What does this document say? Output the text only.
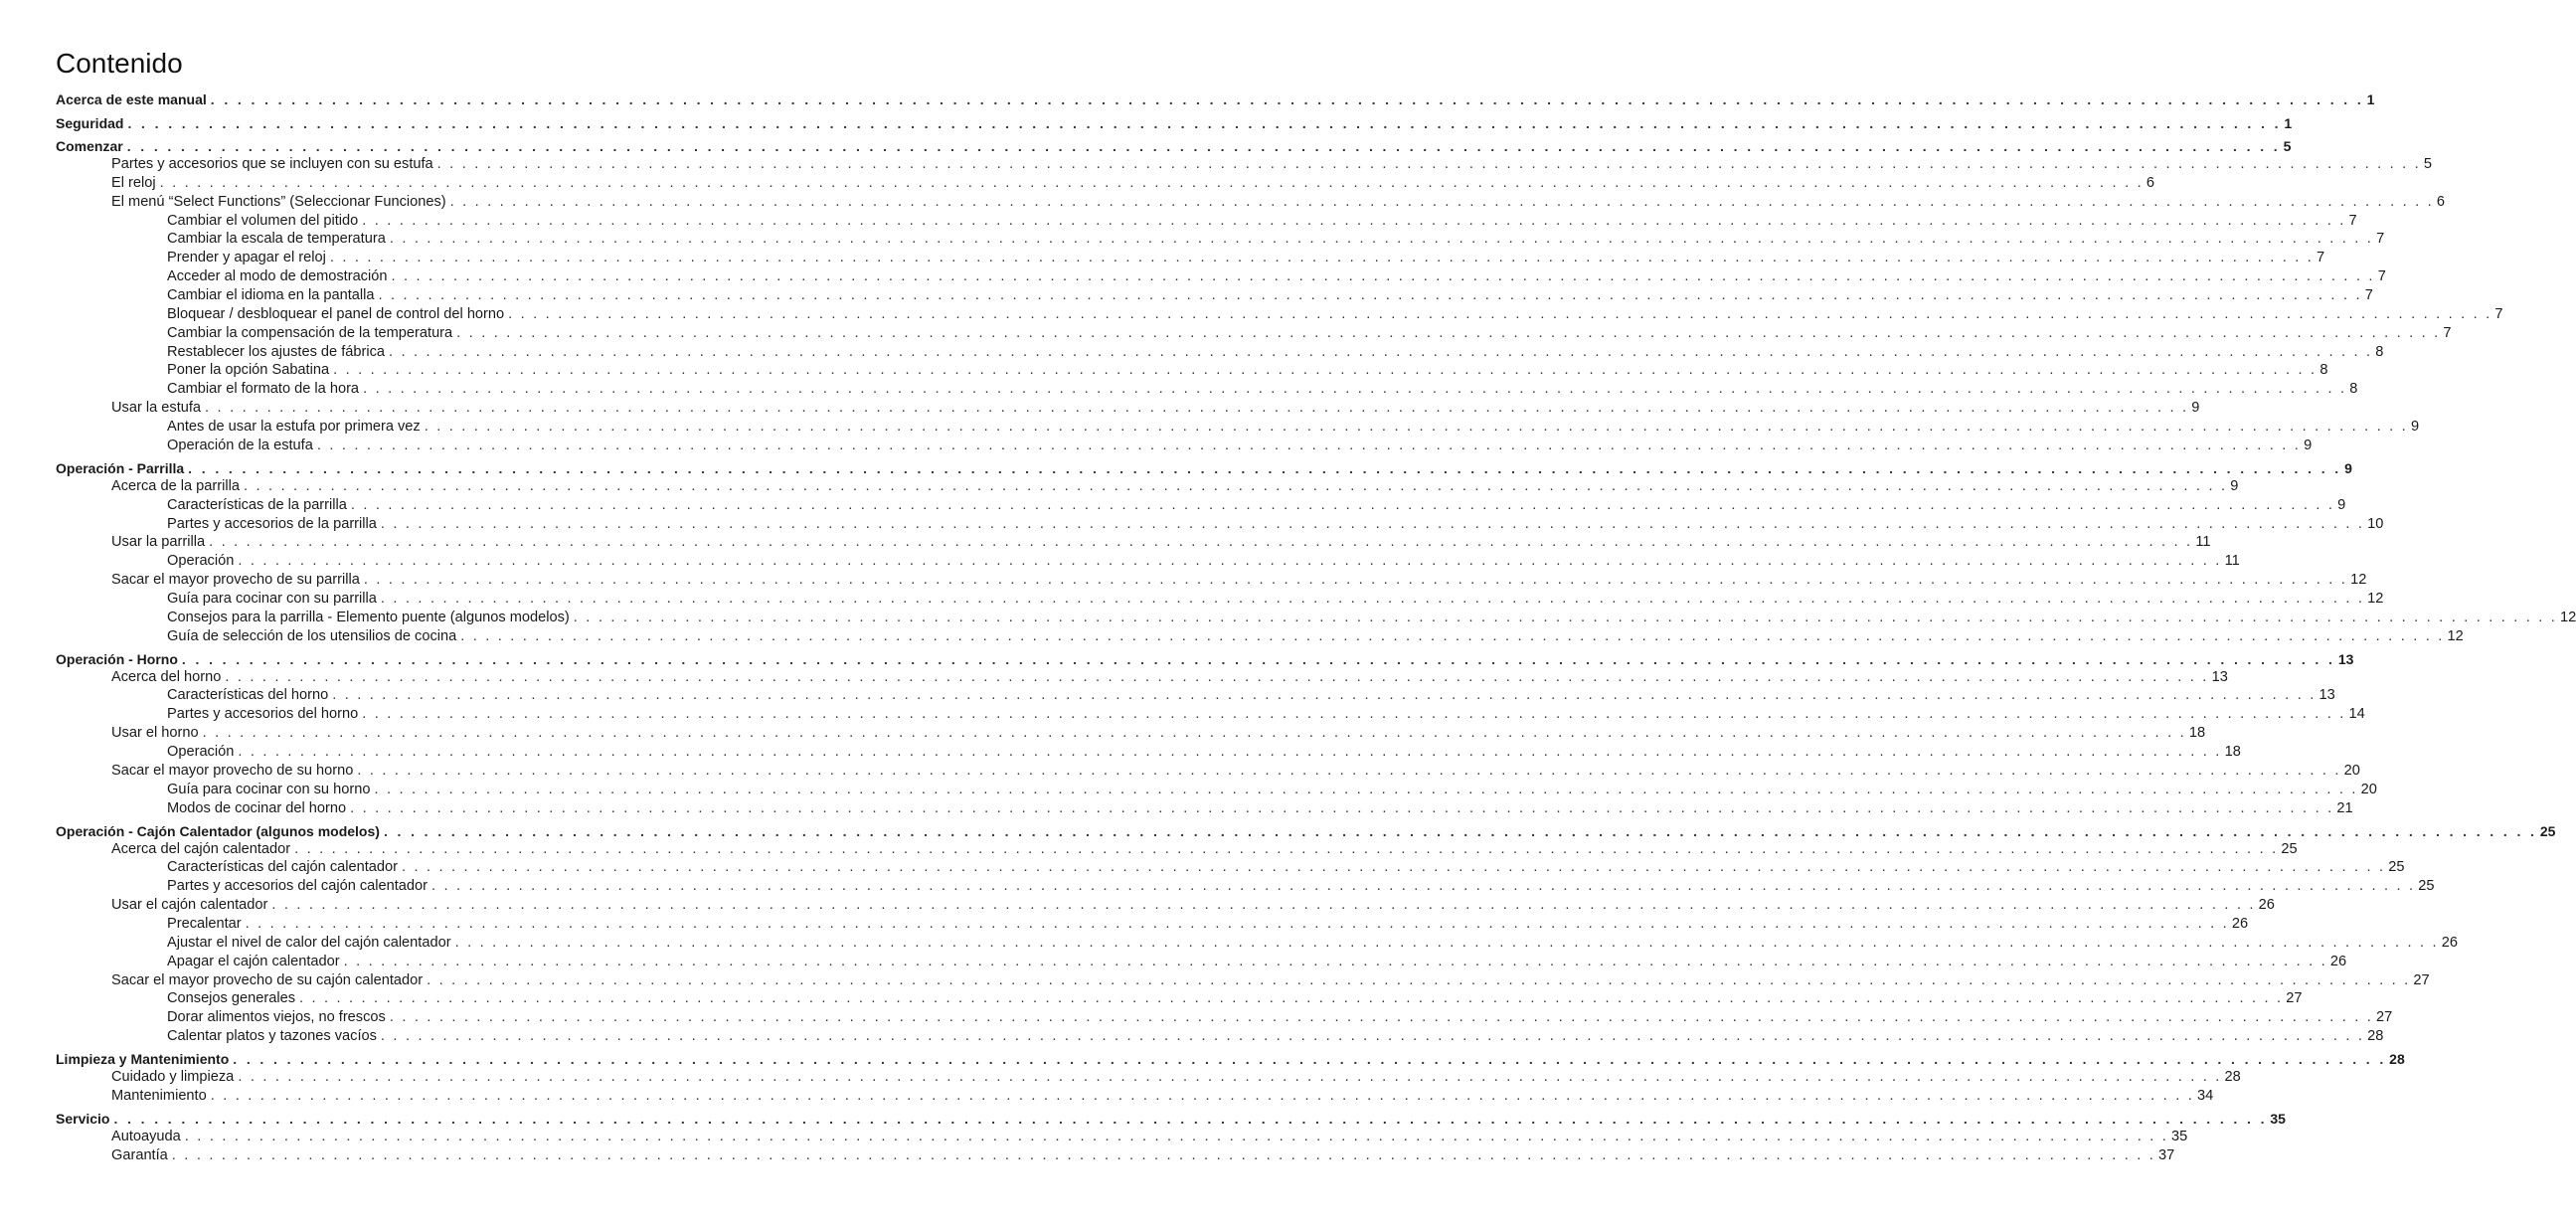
Contenido
Acerca de este manual . . . . . . . . . . . . . . . . . . . . . . . . . . . . . . . . . . . . . . . . . . . . . . . . . . . . . . . . . . . . . . . . . . . . . . . . . . . . . . . . . . . . . . . . . . . . . . . . . . . . . . . . . . . . . . . . . . . . . . . . . . . . . . . . . . . . . . . . . . . . . . . . . . . . . . . . . . . . . . . . 1
Seguridad . . . . . . . . . . . . . . . . . . . . . . . . . . . . . . . . . . . . . . . . . . . . . . . . . . . . . . . . . . . . . . . . . . . . . . . . . . . . . . . . . . . . . . . . . . . . . . . . . . . . . . . . . . . . . . . . . . . . . . . . . . . . . . . . . . . . . . . . . . . . . . . . . . . . . . . . . . . . . . . . 1
Comenzar . . . . . . . . . . . . . . . . . . . . . . . . . . . . . . . . . . . . . . . . . . . . . . . . . . . . . . . . . . . . . . . . . . . . . . . . . . . . . . . . . . . . . . . . . . . . . . . . . . . . . . . . . . . . . . . . . . . . . . . . . . . . . . . . . . . . . . . . . . . . . . . . . . . . . . . . . . . . . . . . 5
Partes y accesorios que se incluyen con su estufa . . . . . . . . . . . . . . . . . . . . . . . . . . . . . . . . . . . . . . . . . . . . . . . . . . . . . . . . . . . . . . . . . . . . . . . . . . . . . . . . . . . . . . . . . . . . . . . . . . . . . . . . . . . . . . . . . . . . . . . . . . . . . . . . . . . . . . . . . . . . . . . . . . . . . . . . . . . . . . . . 5
El reloj . . . . . . . . . . . . . . . . . . . . . . . . . . . . . . . . . . . . . . . . . . . . . . . . . . . . . . . . . . . . . . . . . . . . . . . . . . . . . . . . . . . . . . . . . . . . . . . . . . . . . . . . . . . . . . . . . . . . . . . . . . . . . . . . . . . . . . . . . . . . . . . . . . . . . . . . . . . . . . . . 6
El menú “Select Functions” (Seleccionar Funciones) . . . . . . . . . . . . . . . . . . . . . . . . . . . . . . . . . . . . . . . . . . . . . . . . . . . . . . . . . . . . . . . . . . . . . . . . . . . . . . . . . . . . . . . . . . . . . . . . . . . . . . . . . . . . . . . . . . . . . . . . . . . . . . . . . . . . . . . . . . . . . . . . . . . . . . . . . . . . . . . . 6
Cambiar el volumen del pitido . . . . . . . . . . . . . . . . . . . . . . . . . . . . . . . . . . . . . . . . . . . . . . . . . . . . . . . . . . . . . . . . . . . . . . . . . . . . . . . . . . . . . . . . . . . . . . . . . . . . . . . . . . . . . . . . . . . . . . . . . . . . . . . . . . . . . . . . . . . . . . . . . . . . . . . . . . . . . . . . 7
Cambiar la escala de temperatura . . . . . . . . . . . . . . . . . . . . . . . . . . . . . . . . . . . . . . . . . . . . . . . . . . . . . . . . . . . . . . . . . . . . . . . . . . . . . . . . . . . . . . . . . . . . . . . . . . . . . . . . . . . . . . . . . . . . . . . . . . . . . . . . . . . . . . . . . . . . . . . . . . . . . . . . . . . . . . . . 7
Prender y apagar el reloj . . . . . . . . . . . . . . . . . . . . . . . . . . . . . . . . . . . . . . . . . . . . . . . . . . . . . . . . . . . . . . . . . . . . . . . . . . . . . . . . . . . . . . . . . . . . . . . . . . . . . . . . . . . . . . . . . . . . . . . . . . . . . . . . . . . . . . . . . . . . . . . . . . . . . . . . . . . . . . . . 7
Acceder al modo de demostración . . . . . . . . . . . . . . . . . . . . . . . . . . . . . . . . . . . . . . . . . . . . . . . . . . . . . . . . . . . . . . . . . . . . . . . . . . . . . . . . . . . . . . . . . . . . . . . . . . . . . . . . . . . . . . . . . . . . . . . . . . . . . . . . . . . . . . . . . . . . . . . . . . . . . . . . . . . . . . . . 7
Cambiar el idioma en la pantalla . . . . . . . . . . . . . . . . . . . . . . . . . . . . . . . . . . . . . . . . . . . . . . . . . . . . . . . . . . . . . . . . . . . . . . . . . . . . . . . . . . . . . . . . . . . . . . . . . . . . . . . . . . . . . . . . . . . . . . . . . . . . . . . . . . . . . . . . . . . . . . . . . . . . . . . . . . . . . . . . 7
Bloquear / desbloquear el panel de control del horno . . . . . . . . . . . . . . . . . . . . . . . . . . . . . . . . . . . . . . . . . . . . . . . . . . . . . . . . . . . . . . . . . . . . . . . . . . . . . . . . . . . . . . . . . . . . . . . . . . . . . . . . . . . . . . . . . . . . . . . . . . . . . . . . . . . . . . . . . . . . . . . . . . . . . . . . . . . . . . . . 7
Cambiar la compensación de la temperatura . . . . . . . . . . . . . . . . . . . . . . . . . . . . . . . . . . . . . . . . . . . . . . . . . . . . . . . . . . . . . . . . . . . . . . . . . . . . . . . . . . . . . . . . . . . . . . . . . . . . . . . . . . . . . . . . . . . . . . . . . . . . . . . . . . . . . . . . . . . . . . . . . . . . . . . . . . . . . . . . 7
Restablecer los ajustes de fábrica . . . . . . . . . . . . . . . . . . . . . . . . . . . . . . . . . . . . . . . . . . . . . . . . . . . . . . . . . . . . . . . . . . . . . . . . . . . . . . . . . . . . . . . . . . . . . . . . . . . . . . . . . . . . . . . . . . . . . . . . . . . . . . . . . . . . . . . . . . . . . . . . . . . . . . . . . . . . . . . . 8
Poner la opción Sabatina . . . . . . . . . . . . . . . . . . . . . . . . . . . . . . . . . . . . . . . . . . . . . . . . . . . . . . . . . . . . . . . . . . . . . . . . . . . . . . . . . . . . . . . . . . . . . . . . . . . . . . . . . . . . . . . . . . . . . . . . . . . . . . . . . . . . . . . . . . . . . . . . . . . . . . . . . . . . . . . . 8
Cambiar el formato de la hora . . . . . . . . . . . . . . . . . . . . . . . . . . . . . . . . . . . . . . . . . . . . . . . . . . . . . . . . . . . . . . . . . . . . . . . . . . . . . . . . . . . . . . . . . . . . . . . . . . . . . . . . . . . . . . . . . . . . . . . . . . . . . . . . . . . . . . . . . . . . . . . . . . . . . . . . . . . . . . . . 8
Usar la estufa . . . . . . . . . . . . . . . . . . . . . . . . . . . . . . . . . . . . . . . . . . . . . . . . . . . . . . . . . . . . . . . . . . . . . . . . . . . . . . . . . . . . . . . . . . . . . . . . . . . . . . . . . . . . . . . . . . . . . . . . . . . . . . . . . . . . . . . . . . . . . . . . . . . . . . . . . . . . . . . . 9
Antes de usar la estufa por primera vez . . . . . . . . . . . . . . . . . . . . . . . . . . . . . . . . . . . . . . . . . . . . . . . . . . . . . . . . . . . . . . . . . . . . . . . . . . . . . . . . . . . . . . . . . . . . . . . . . . . . . . . . . . . . . . . . . . . . . . . . . . . . . . . . . . . . . . . . . . . . . . . . . . . . . . . . . . . . . . . . 9
Operación de la estufa . . . . . . . . . . . . . . . . . . . . . . . . . . . . . . . . . . . . . . . . . . . . . . . . . . . . . . . . . . . . . . . . . . . . . . . . . . . . . . . . . . . . . . . . . . . . . . . . . . . . . . . . . . . . . . . . . . . . . . . . . . . . . . . . . . . . . . . . . . . . . . . . . . . . . . . . . . . . . . . . 9
Operación - Parrilla . . . . . . . . . . . . . . . . . . . . . . . . . . . . . . . . . . . . . . . . . . . . . . . . . . . . . . . . . . . . . . . . . . . . . . . . . . . . . . . . . . . . . . . . . . . . . . . . . . . . . . . . . . . . . . . . . . . . . . . . . . . . . . . . . . . . . . . . . . . . . . . . . . . . . . . . . . . . . . . . 9
Acerca de la parrilla . . . . . . . . . . . . . . . . . . . . . . . . . . . . . . . . . . . . . . . . . . . . . . . . . . . . . . . . . . . . . . . . . . . . . . . . . . . . . . . . . . . . . . . . . . . . . . . . . . . . . . . . . . . . . . . . . . . . . . . . . . . . . . . . . . . . . . . . . . . . . . . . . . . . . . . . . . . . . . . . 9
Características de la parrilla . . . . . . . . . . . . . . . . . . . . . . . . . . . . . . . . . . . . . . . . . . . . . . . . . . . . . . . . . . . . . . . . . . . . . . . . . . . . . . . . . . . . . . . . . . . . . . . . . . . . . . . . . . . . . . . . . . . . . . . . . . . . . . . . . . . . . . . . . . . . . . . . . . . . . . . . . . . . . . . . 9
Partes y accesorios de la parrilla . . . . . . . . . . . . . . . . . . . . . . . . . . . . . . . . . . . . . . . . . . . . . . . . . . . . . . . . . . . . . . . . . . . . . . . . . . . . . . . . . . . . . . . . . . . . . . . . . . . . . . . . . . . . . . . . . . . . . . . . . . . . . . . . . . . . . . . . . . . . . . . . . . . . . . . . . . . . . . . . 10
Usar la parrilla . . . . . . . . . . . . . . . . . . . . . . . . . . . . . . . . . . . . . . . . . . . . . . . . . . . . . . . . . . . . . . . . . . . . . . . . . . . . . . . . . . . . . . . . . . . . . . . . . . . . . . . . . . . . . . . . . . . . . . . . . . . . . . . . . . . . . . . . . . . . . . . . . . . . . . . . . . . . . . . . 11
Operación . . . . . . . . . . . . . . . . . . . . . . . . . . . . . . . . . . . . . . . . . . . . . . . . . . . . . . . . . . . . . . . . . . . . . . . . . . . . . . . . . . . . . . . . . . . . . . . . . . . . . . . . . . . . . . . . . . . . . . . . . . . . . . . . . . . . . . . . . . . . . . . . . . . . . . . . . . . . . . . . 11
Sacar el mayor provecho de su parrilla . . . . . . . . . . . . . . . . . . . . . . . . . . . . . . . . . . . . . . . . . . . . . . . . . . . . . . . . . . . . . . . . . . . . . . . . . . . . . . . . . . . . . . . . . . . . . . . . . . . . . . . . . . . . . . . . . . . . . . . . . . . . . . . . . . . . . . . . . . . . . . . . . . . . . . . . . . . . . . . . 12
Guía para cocinar con su parrilla . . . . . . . . . . . . . . . . . . . . . . . . . . . . . . . . . . . . . . . . . . . . . . . . . . . . . . . . . . . . . . . . . . . . . . . . . . . . . . . . . . . . . . . . . . . . . . . . . . . . . . . . . . . . . . . . . . . . . . . . . . . . . . . . . . . . . . . . . . . . . . . . . . . . . . . . . . . . . . . . 12
Consejos para la parrilla - Elemento puente (algunos modelos) . . . . . . . . . . . . . . . . . . . . . . . . . . . . . . . . . . . . . . . . . . . . . . . . . . . . . . . . . . . . . . . . . . . . . . . . . . . . . . . . . . . . . . . . . . . . . . . . . . . . . . . . . . . . . . . . . . . . . . . . . . . . . . . . . . . . . . . . . . . . . . . . . . . . . . . . . . . . . . . . 12
Guía de selección de los utensilios de cocina . . . . . . . . . . . . . . . . . . . . . . . . . . . . . . . . . . . . . . . . . . . . . . . . . . . . . . . . . . . . . . . . . . . . . . . . . . . . . . . . . . . . . . . . . . . . . . . . . . . . . . . . . . . . . . . . . . . . . . . . . . . . . . . . . . . . . . . . . . . . . . . . . . . . . . . . . . . . . . . . 12
Operación - Horno . . . . . . . . . . . . . . . . . . . . . . . . . . . . . . . . . . . . . . . . . . . . . . . . . . . . . . . . . . . . . . . . . . . . . . . . . . . . . . . . . . . . . . . . . . . . . . . . . . . . . . . . . . . . . . . . . . . . . . . . . . . . . . . . . . . . . . . . . . . . . . . . . . . . . . . . . . . . . . . . 13
Acerca del horno . . . . . . . . . . . . . . . . . . . . . . . . . . . . . . . . . . . . . . . . . . . . . . . . . . . . . . . . . . . . . . . . . . . . . . . . . . . . . . . . . . . . . . . . . . . . . . . . . . . . . . . . . . . . . . . . . . . . . . . . . . . . . . . . . . . . . . . . . . . . . . . . . . . . . . . . . . . . . . . . 13
Características del horno . . . . . . . . . . . . . . . . . . . . . . . . . . . . . . . . . . . . . . . . . . . . . . . . . . . . . . . . . . . . . . . . . . . . . . . . . . . . . . . . . . . . . . . . . . . . . . . . . . . . . . . . . . . . . . . . . . . . . . . . . . . . . . . . . . . . . . . . . . . . . . . . . . . . . . . . . . . . . . . . 13
Partes y accesorios del horno . . . . . . . . . . . . . . . . . . . . . . . . . . . . . . . . . . . . . . . . . . . . . . . . . . . . . . . . . . . . . . . . . . . . . . . . . . . . . . . . . . . . . . . . . . . . . . . . . . . . . . . . . . . . . . . . . . . . . . . . . . . . . . . . . . . . . . . . . . . . . . . . . . . . . . . . . . . . . . . . 14
Usar el horno . . . . . . . . . . . . . . . . . . . . . . . . . . . . . . . . . . . . . . . . . . . . . . . . . . . . . . . . . . . . . . . . . . . . . . . . . . . . . . . . . . . . . . . . . . . . . . . . . . . . . . . . . . . . . . . . . . . . . . . . . . . . . . . . . . . . . . . . . . . . . . . . . . . . . . . . . . . . . . . . 18
Operación . . . . . . . . . . . . . . . . . . . . . . . . . . . . . . . . . . . . . . . . . . . . . . . . . . . . . . . . . . . . . . . . . . . . . . . . . . . . . . . . . . . . . . . . . . . . . . . . . . . . . . . . . . . . . . . . . . . . . . . . . . . . . . . . . . . . . . . . . . . . . . . . . . . . . . . . . . . . . . . . 18
Sacar el mayor provecho de su horno . . . . . . . . . . . . . . . . . . . . . . . . . . . . . . . . . . . . . . . . . . . . . . . . . . . . . . . . . . . . . . . . . . . . . . . . . . . . . . . . . . . . . . . . . . . . . . . . . . . . . . . . . . . . . . . . . . . . . . . . . . . . . . . . . . . . . . . . . . . . . . . . . . . . . . . . . . . . . . . . 20
Guía para cocinar con su horno . . . . . . . . . . . . . . . . . . . . . . . . . . . . . . . . . . . . . . . . . . . . . . . . . . . . . . . . . . . . . . . . . . . . . . . . . . . . . . . . . . . . . . . . . . . . . . . . . . . . . . . . . . . . . . . . . . . . . . . . . . . . . . . . . . . . . . . . . . . . . . . . . . . . . . . . . . . . . . . . 20
Modos de cocinar del horno . . . . . . . . . . . . . . . . . . . . . . . . . . . . . . . . . . . . . . . . . . . . . . . . . . . . . . . . . . . . . . . . . . . . . . . . . . . . . . . . . . . . . . . . . . . . . . . . . . . . . . . . . . . . . . . . . . . . . . . . . . . . . . . . . . . . . . . . . . . . . . . . . . . . . . . . . . . . . . . . 21
Operación - Cajón Calentador (algunos modelos) . . . . . . . . . . . . . . . . . . . . . . . . . . . . . . . . . . . . . . . . . . . . . . . . . . . . . . . . . . . . . . . . . . . . . . . . . . . . . . . . . . . . . . . . . . . . . . . . . . . . . . . . . . . . . . . . . . . . . . . . . . . . . . . . . . . . . . . . . . . . . . . . . . . . . . . . . . . . . . . . 25
Acerca del cajón calentador . . . . . . . . . . . . . . . . . . . . . . . . . . . . . . . . . . . . . . . . . . . . . . . . . . . . . . . . . . . . . . . . . . . . . . . . . . . . . . . . . . . . . . . . . . . . . . . . . . . . . . . . . . . . . . . . . . . . . . . . . . . . . . . . . . . . . . . . . . . . . . . . . . . . . . . . . . . . . . . . 25
Características del cajón calentador . . . . . . . . . . . . . . . . . . . . . . . . . . . . . . . . . . . . . . . . . . . . . . . . . . . . . . . . . . . . . . . . . . . . . . . . . . . . . . . . . . . . . . . . . . . . . . . . . . . . . . . . . . . . . . . . . . . . . . . . . . . . . . . . . . . . . . . . . . . . . . . . . . . . . . . . . . . . . . . . 25
Partes y accesorios del cajón calentador . . . . . . . . . . . . . . . . . . . . . . . . . . . . . . . . . . . . . . . . . . . . . . . . . . . . . . . . . . . . . . . . . . . . . . . . . . . . . . . . . . . . . . . . . . . . . . . . . . . . . . . . . . . . . . . . . . . . . . . . . . . . . . . . . . . . . . . . . . . . . . . . . . . . . . . . . . . . . . . . 25
Usar el cajón calentador . . . . . . . . . . . . . . . . . . . . . . . . . . . . . . . . . . . . . . . . . . . . . . . . . . . . . . . . . . . . . . . . . . . . . . . . . . . . . . . . . . . . . . . . . . . . . . . . . . . . . . . . . . . . . . . . . . . . . . . . . . . . . . . . . . . . . . . . . . . . . . . . . . . . . . . . . . . . . . . . 26
Precalentar . . . . . . . . . . . . . . . . . . . . . . . . . . . . . . . . . . . . . . . . . . . . . . . . . . . . . . . . . . . . . . . . . . . . . . . . . . . . . . . . . . . . . . . . . . . . . . . . . . . . . . . . . . . . . . . . . . . . . . . . . . . . . . . . . . . . . . . . . . . . . . . . . . . . . . . . . . . . . . . . 26
Ajustar el nivel de calor del cajón calentador . . . . . . . . . . . . . . . . . . . . . . . . . . . . . . . . . . . . . . . . . . . . . . . . . . . . . . . . . . . . . . . . . . . . . . . . . . . . . . . . . . . . . . . . . . . . . . . . . . . . . . . . . . . . . . . . . . . . . . . . . . . . . . . . . . . . . . . . . . . . . . . . . . . . . . . . . . . . . . . . 26
Apagar el cajón calentador . . . . . . . . . . . . . . . . . . . . . . . . . . . . . . . . . . . . . . . . . . . . . . . . . . . . . . . . . . . . . . . . . . . . . . . . . . . . . . . . . . . . . . . . . . . . . . . . . . . . . . . . . . . . . . . . . . . . . . . . . . . . . . . . . . . . . . . . . . . . . . . . . . . . . . . . . . . . . . . . 26
Sacar el mayor provecho de su cajón calentador . . . . . . . . . . . . . . . . . . . . . . . . . . . . . . . . . . . . . . . . . . . . . . . . . . . . . . . . . . . . . . . . . . . . . . . . . . . . . . . . . . . . . . . . . . . . . . . . . . . . . . . . . . . . . . . . . . . . . . . . . . . . . . . . . . . . . . . . . . . . . . . . . . . . . . . . . . . . . . . . 27
Consejos generales . . . . . . . . . . . . . . . . . . . . . . . . . . . . . . . . . . . . . . . . . . . . . . . . . . . . . . . . . . . . . . . . . . . . . . . . . . . . . . . . . . . . . . . . . . . . . . . . . . . . . . . . . . . . . . . . . . . . . . . . . . . . . . . . . . . . . . . . . . . . . . . . . . . . . . . . . . . . . . . . 27
Dorar alimentos viejos, no frescos . . . . . . . . . . . . . . . . . . . . . . . . . . . . . . . . . . . . . . . . . . . . . . . . . . . . . . . . . . . . . . . . . . . . . . . . . . . . . . . . . . . . . . . . . . . . . . . . . . . . . . . . . . . . . . . . . . . . . . . . . . . . . . . . . . . . . . . . . . . . . . . . . . . . . . . . . . . . . . . . 27
Calentar platos y tazones vacíos . . . . . . . . . . . . . . . . . . . . . . . . . . . . . . . . . . . . . . . . . . . . . . . . . . . . . . . . . . . . . . . . . . . . . . . . . . . . . . . . . . . . . . . . . . . . . . . . . . . . . . . . . . . . . . . . . . . . . . . . . . . . . . . . . . . . . . . . . . . . . . . . . . . . . . . . . . . . . . . . 28
Limpieza y Mantenimiento . . . . . . . . . . . . . . . . . . . . . . . . . . . . . . . . . . . . . . . . . . . . . . . . . . . . . . . . . . . . . . . . . . . . . . . . . . . . . . . . . . . . . . . . . . . . . . . . . . . . . . . . . . . . . . . . . . . . . . . . . . . . . . . . . . . . . . . . . . . . . . . . . . . . . . . . . . . . . . . . 28
Cuidado y limpieza . . . . . . . . . . . . . . . . . . . . . . . . . . . . . . . . . . . . . . . . . . . . . . . . . . . . . . . . . . . . . . . . . . . . . . . . . . . . . . . . . . . . . . . . . . . . . . . . . . . . . . . . . . . . . . . . . . . . . . . . . . . . . . . . . . . . . . . . . . . . . . . . . . . . . . . . . . . . . . . . 28
Mantenimiento . . . . . . . . . . . . . . . . . . . . . . . . . . . . . . . . . . . . . . . . . . . . . . . . . . . . . . . . . . . . . . . . . . . . . . . . . . . . . . . . . . . . . . . . . . . . . . . . . . . . . . . . . . . . . . . . . . . . . . . . . . . . . . . . . . . . . . . . . . . . . . . . . . . . . . . . . . . . . . . . 34
Servicio . . . . . . . . . . . . . . . . . . . . . . . . . . . . . . . . . . . . . . . . . . . . . . . . . . . . . . . . . . . . . . . . . . . . . . . . . . . . . . . . . . . . . . . . . . . . . . . . . . . . . . . . . . . . . . . . . . . . . . . . . . . . . . . . . . . . . . . . . . . . . . . . . . . . . . . . . . . . . . . . 35
Autoayuda . . . . . . . . . . . . . . . . . . . . . . . . . . . . . . . . . . . . . . . . . . . . . . . . . . . . . . . . . . . . . . . . . . . . . . . . . . . . . . . . . . . . . . . . . . . . . . . . . . . . . . . . . . . . . . . . . . . . . . . . . . . . . . . . . . . . . . . . . . . . . . . . . . . . . . . . . . . . . . . . 35
Garantía . . . . . . . . . . . . . . . . . . . . . . . . . . . . . . . . . . . . . . . . . . . . . . . . . . . . . . . . . . . . . . . . . . . . . . . . . . . . . . . . . . . . . . . . . . . . . . . . . . . . . . . . . . . . . . . . . . . . . . . . . . . . . . . . . . . . . . . . . . . . . . . . . . . . . . . . . . . . . . . . 37
